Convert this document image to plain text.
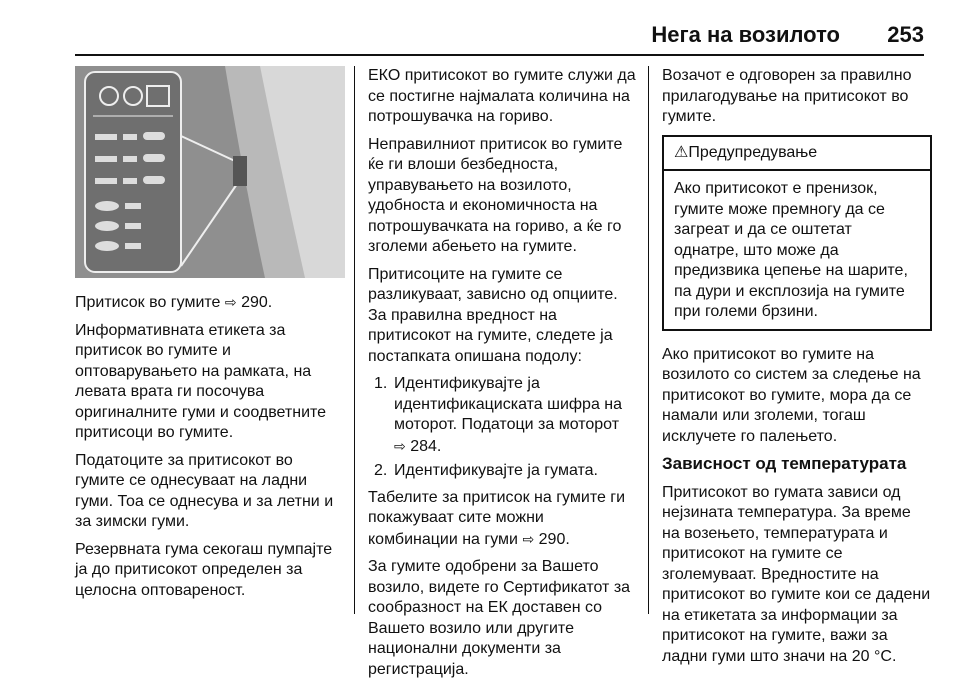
Нега на возилото 253

Притисок во гумите ⇨ 290.

Информативната етикета за притисок во гумите и оптоварувањето на рамката, на левата врата ги посочува оригиналните гуми и соодветните притисоци во гумите.

Податоците за притисокот во гумите се однесуваат на ладни гуми. Тоа се однесува и за летни и за зимски гуми.

Резервната гума секогаш пумпајте ја до притисокот определен за целосна оптовареност.

ЕКО притисокот во гумите служи да се постигне најмалата количина на потрошувачка на гориво.

Неправилниот притисок во гумите ќе ги влоши безбедноста, управувањето на возилото, удобноста и економичноста на потрошувачката на гориво, а ќе го зголеми абењето на гумите.

Притисоците на гумите се разликуваат, зависно од опциите. За правилна вредност на притисокот на гумите, следете ја постапката опишана подолу:

1. Идентификувајте ја идентификациската шифра на моторот. Податоци за моторот
⇨ 284.
2. Идентификувајте ја гумата.

Табелите за притисок на гумите ги покажуваат сите можни комбинации на гуми ⇨ 290.

За гумите одобрени за Вашето возило, видете го Сертификатот за сообразност на ЕК доставен со Вашето возило или другите национални документи за регистрација.

Возачот е одговорен за правилно прилагодување на притисокот во гумите.

⚠Предупредување
Ако притисокот е пренизок, гумите може премногу да се загреат и да се оштетат однатре, што може да предизвика цепење на шарите, па дури и експлозија на гумите при големи брзини.

Ако притисокот во гумите на возилото со систем за следење на притисокот во гумите, мора да се намали или зголеми, тогаш исклучете го палењето.

Зависност од температурата

Притисокот во гумата зависи од нејзината температура. За време на возењето, температурата и притисокот на гумите се зголемуваат. Вредностите на притисокот во гумите кои се дадени на етикетата за информации за притисокот на гумите, важи за ладни гуми што значи на 20 °C.
